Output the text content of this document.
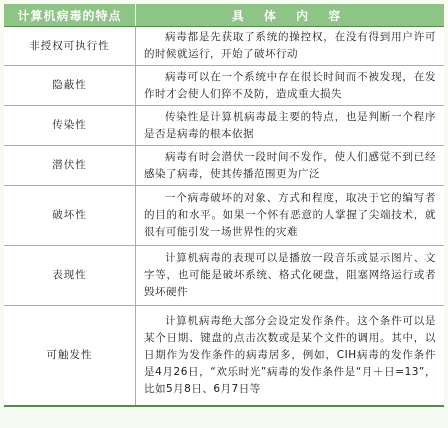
计算机病毒的特点	具 体 内 容
非授权可执行性	病毒都是先获取了系统的操控权，在没有得到用户许可的时候就运行，开始了破坏行动
隐蔽性	病毒可以在一个系统中存在很长时间而不被发现，在发作时才会使人们猝不及防，造成重大损失
传染性	传染性是计算机病毒最主要的特点，也是判断一个程序是否是病毒的根本依据
潜伏性	病毒有时会潜伏一段时间不发作，使人们感觉不到已经感染了病毒，使其传播范围更为广泛
破坏性	一个病毒破坏的对象、方式和程度，取决于它的编写者的目的和水平。如果一个怀有恶意的人掌握了尖端技术，就很有可能引发一场世界性的灾难
表现性	计算机病毒的表现可以是播放一段音乐或显示图片、文字等，也可能是破坏系统、格式化硬盘，阻塞网络运行或者毁坏硬件
可触发性	计算机病毒绝大部分会设定发作条件。这个条件可以是某个日期、键盘的点击次数或是某个文件的调用。其中，以日期作为发作条件的病毒居多，例如，CIH病毒的发作条件是4月26日，“欢乐时光”病毒的发作条件是“月＋日=13”，比如5月8日、6月7日等
